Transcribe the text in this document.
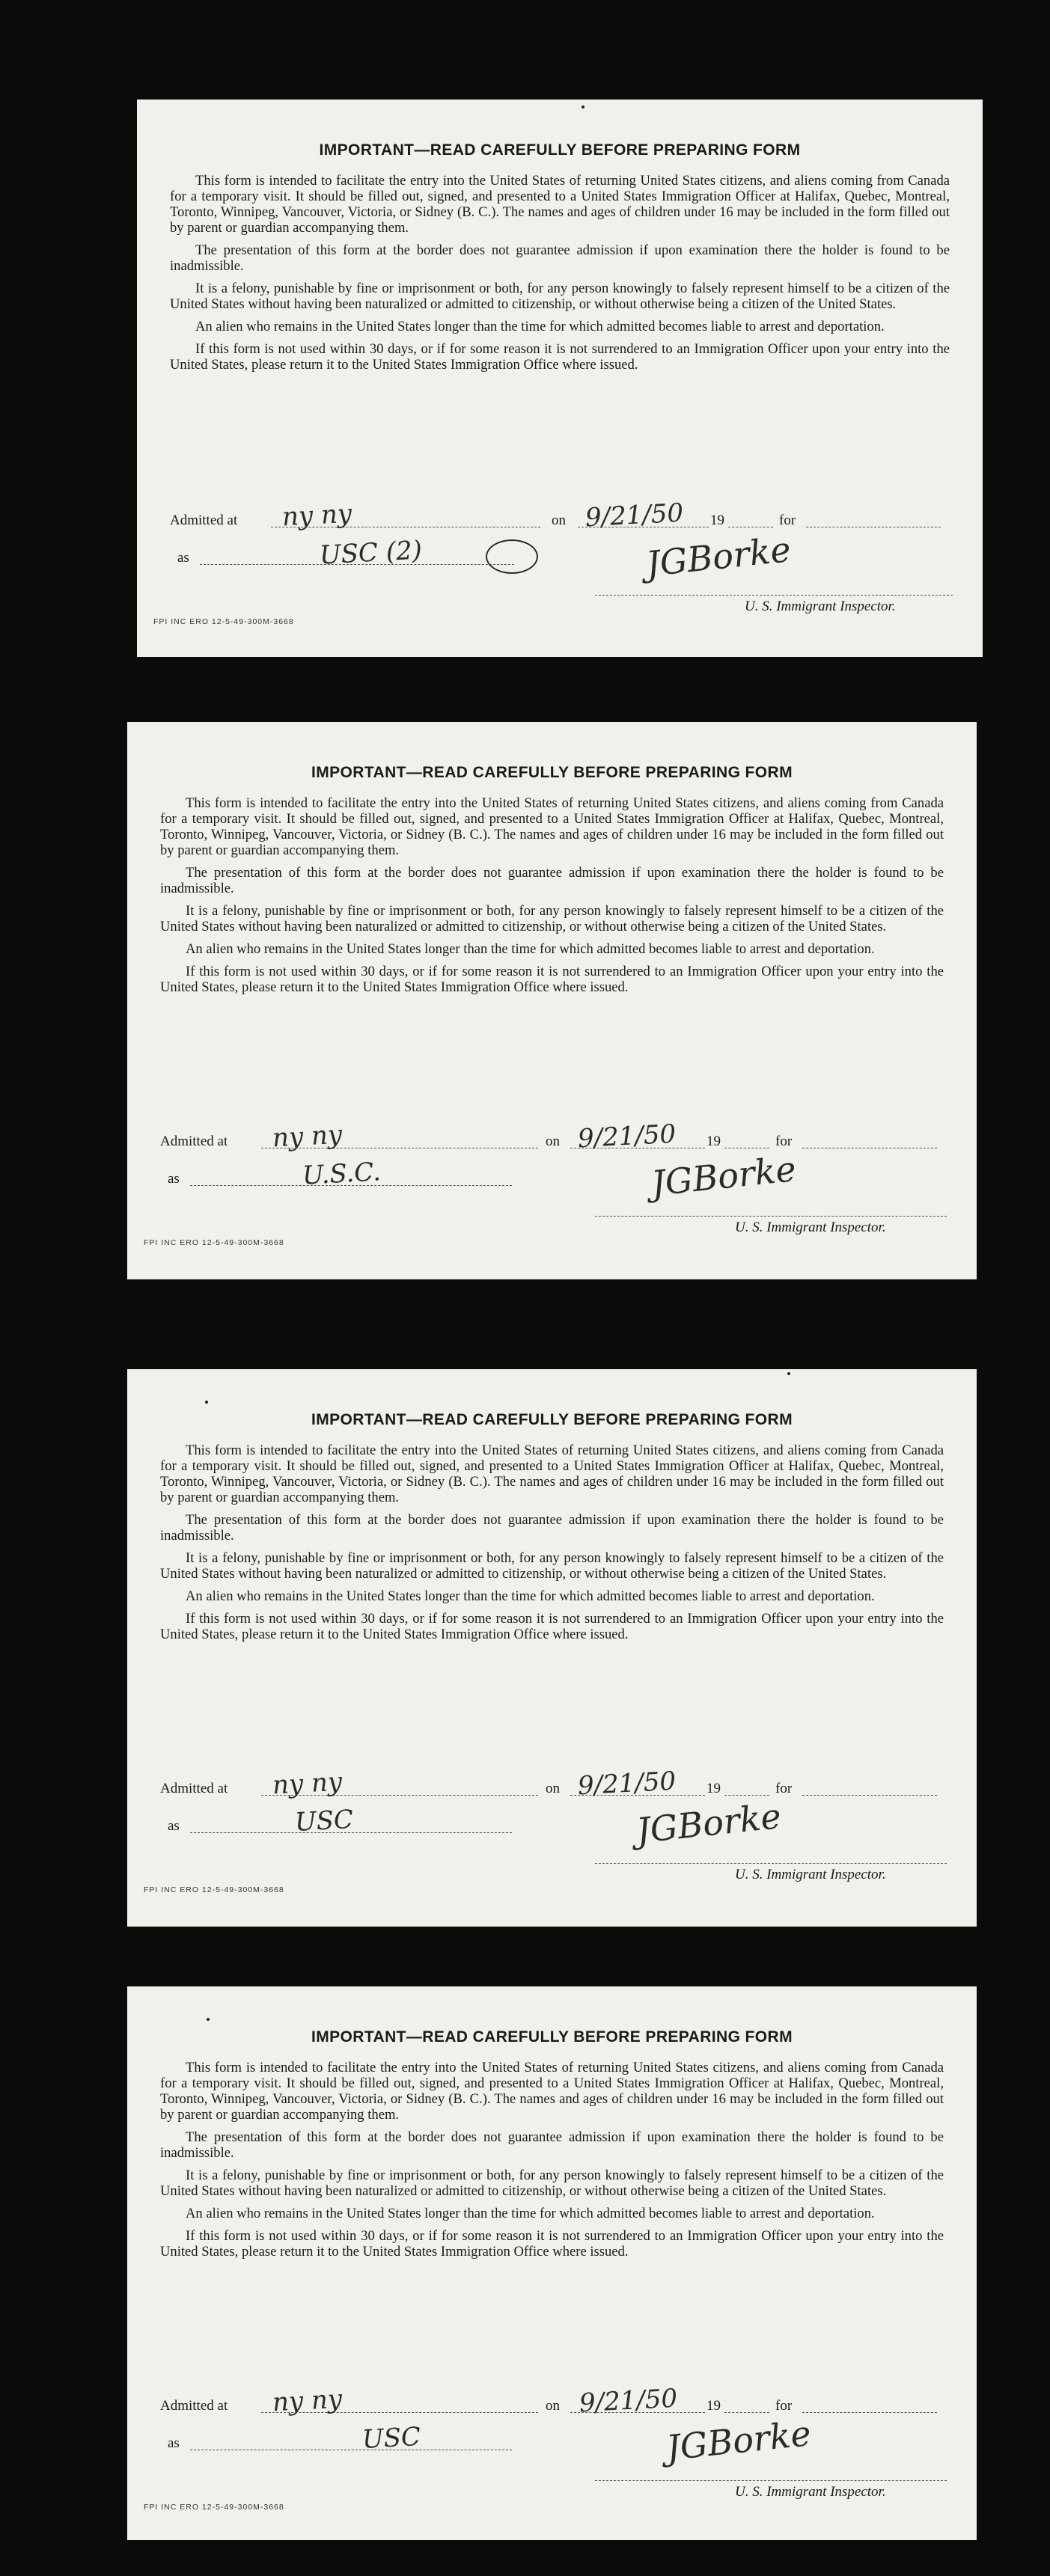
IMPORTANT—READ CAREFULLY BEFORE PREPARING FORM

This form is intended to facilitate the entry into the United States of returning United States citizens, and aliens coming from Canada for a temporary visit. It should be filled out, signed, and presented to a United States Immigration Officer at Halifax, Quebec, Montreal, Toronto, Winnipeg, Vancouver, Victoria, or Sidney (B. C.). The names and ages of children under 16 may be included in the form filled out by parent or guardian accompanying them.

The presentation of this form at the border does not guarantee admission if upon examination there the holder is found to be inadmissible.

It is a felony, punishable by fine or imprisonment or both, for any person knowingly to falsely represent himself to be a citizen of the United States without having been naturalized or admitted to citizenship, or without otherwise being a citizen of the United States.

An alien who remains in the United States longer than the time for which admitted becomes liable to arrest and deportation.

If this form is not used within 30 days, or if for some reason it is not surrendered to an Immigration Officer upon your entry into the United States, please return it to the United States Immigration Office where issued.

Admitted at ny ny	on 9/21/50 19	for
as	USC (2)	JGBorke
U. S. Immigrant Inspector.
FPI INC ERO 12-5-49-300M-3668
IMPORTANT—READ CAREFULLY BEFORE PREPARING FORM

This form is intended to facilitate the entry into the United States of returning United States citizens, and aliens coming from Canada for a temporary visit. It should be filled out, signed, and presented to a United States Immigration Officer at Halifax, Quebec, Montreal, Toronto, Winnipeg, Vancouver, Victoria, or Sidney (B. C.). The names and ages of children under 16 may be included in the form filled out by parent or guardian accompanying them.

The presentation of this form at the border does not guarantee admission if upon examination there the holder is found to be inadmissible.

It is a felony, punishable by fine or imprisonment or both, for any person knowingly to falsely represent himself to be a citizen of the United States without having been naturalized or admitted to citizenship, or without otherwise being a citizen of the United States.

An alien who remains in the United States longer than the time for which admitted becomes liable to arrest and deportation.

If this form is not used within 30 days, or if for some reason it is not surrendered to an Immigration Officer upon your entry into the United States, please return it to the United States Immigration Office where issued.

Admitted at ny ny	on 9/21/50 19	for
as	U.S.C.	JGBorke
U. S. Immigrant Inspector.
FPI INC ERO 12-5-49-300M-3668
IMPORTANT—READ CAREFULLY BEFORE PREPARING FORM

This form is intended to facilitate the entry into the United States of returning United States citizens, and aliens coming from Canada for a temporary visit. It should be filled out, signed, and presented to a United States Immigration Officer at Halifax, Quebec, Montreal, Toronto, Winnipeg, Vancouver, Victoria, or Sidney (B. C.). The names and ages of children under 16 may be included in the form filled out by parent or guardian accompanying them.

The presentation of this form at the border does not guarantee admission if upon examination there the holder is found to be inadmissible.

It is a felony, punishable by fine or imprisonment or both, for any person knowingly to falsely represent himself to be a citizen of the United States without having been naturalized or admitted to citizenship, or without otherwise being a citizen of the United States.

An alien who remains in the United States longer than the time for which admitted becomes liable to arrest and deportation.

If this form is not used within 30 days, or if for some reason it is not surrendered to an Immigration Officer upon your entry into the United States, please return it to the United States Immigration Office where issued.

Admitted at ny ny	on 9/21/50 19	for
as	USC	JGBorke
U. S. Immigrant Inspector.
FPI INC ERO 12-5-49-300M-3668
IMPORTANT—READ CAREFULLY BEFORE PREPARING FORM

This form is intended to facilitate the entry into the United States of returning United States citizens, and aliens coming from Canada for a temporary visit. It should be filled out, signed, and presented to a United States Immigration Officer at Halifax, Quebec, Montreal, Toronto, Winnipeg, Vancouver, Victoria, or Sidney (B. C.). The names and ages of children under 16 may be included in the form filled out by parent or guardian accompanying them.

The presentation of this form at the border does not guarantee admission if upon examination there the holder is found to be inadmissible.

It is a felony, punishable by fine or imprisonment or both, for any person knowingly to falsely represent himself to be a citizen of the United States without having been naturalized or admitted to citizenship, or without otherwise being a citizen of the United States.

An alien who remains in the United States longer than the time for which admitted becomes liable to arrest and deportation.

If this form is not used within 30 days, or if for some reason it is not surrendered to an Immigration Officer upon your entry into the United States, please return it to the United States Immigration Office where issued.

Admitted at ny ny	on 9/21/50 19	for
as	USC	JGBorke
U. S. Immigrant Inspector.
FPI INC ERO 12-5-49-300M-3668
